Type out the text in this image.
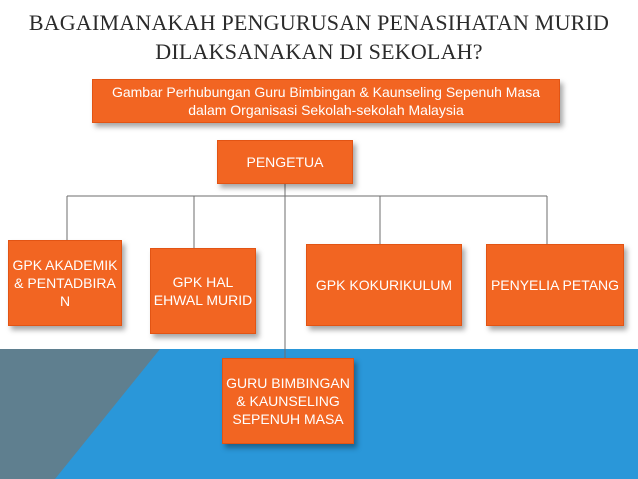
BAGAIMANAKAH PENGURUSAN PENASIHATAN MURID
DILAKSANAKAN DI SEKOLAH?
Gambar Perhubungan Guru Bimbingan & Kaunseling Sepenuh Masa dalam Organisasi Sekolah-sekolah Malaysia
PENGETUA
GPK AKADEMIK & PENTADBIRA N
GPK HAL EHWAL MURID
GPK KOKURIKULUM	PENYELIA PETANG
GURU BIMBINGAN & KAUNSELING SEPENUH MASA
